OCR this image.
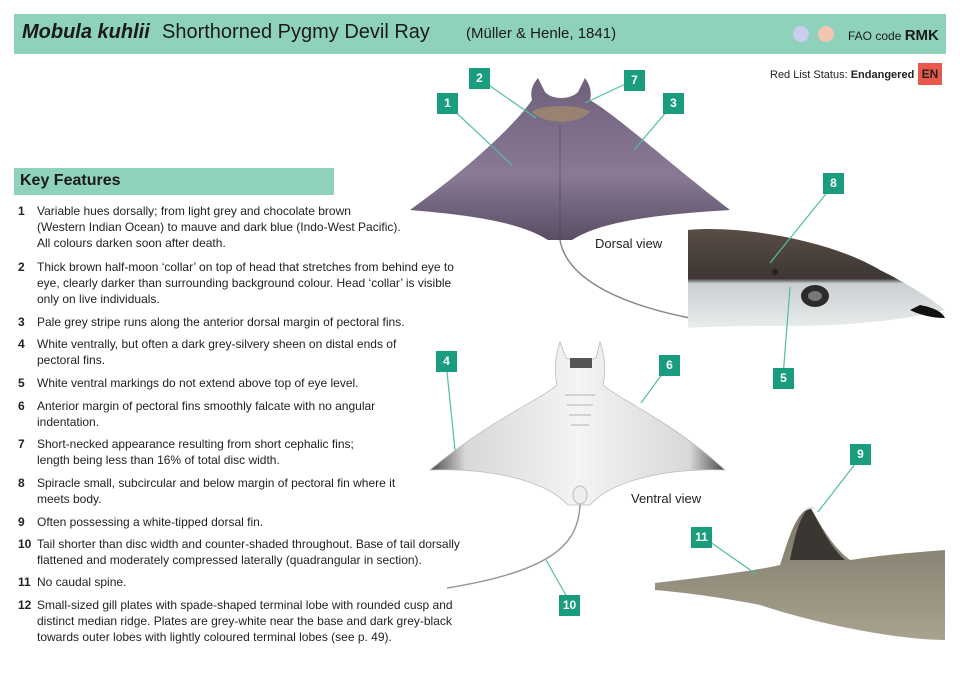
Mobula kuhlii Shorthorned Pygmy Devil Ray (Müller & Henle, 1841)	FAO code RMK
Red List Status: Endangered EN
Key Features
1 Variable hues dorsally; from light grey and chocolate brown
(Western Indian Ocean) to mauve and dark blue (Indo-West Pacific).
All colours darken soon after death.
2 Thick brown half-moon ‘collar’ on top of head that stretches from behind eye to
eye, clearly darker than surrounding background colour. Head ‘collar’ is visible
only on live individuals.
3 Pale grey stripe runs along the anterior dorsal margin of pectoral fins.
4 White ventrally, but often a dark grey-silvery sheen on distal ends of
pectoral fins.
5 White ventral markings do not extend above top of eye level.
6 Anterior margin of pectoral fins smoothly falcate with no angular
indentation.
7 Short-necked appearance resulting from short cephalic fins;
length being less than 16% of total disc width.
8 Spiracle small, subcircular and below margin of pectoral fin where it
meets body.
9 Often possessing a white-tipped dorsal fin.
10 Tail shorter than disc width and counter-shaded throughout. Base of tail dorsally
flattened and moderately compressed laterally (quadrangular in section).
11 No caudal spine.
12 Small-sized gill plates with spade-shaped terminal lobe with rounded cusp and
distinct median ridge. Plates are grey-white near the base and dark grey-black
towards outer lobes with lightly coloured terminal lobes (see p. 49).
Dorsal view
Ventral view
1
2
3
4
5
6
7
8
9
10
11
